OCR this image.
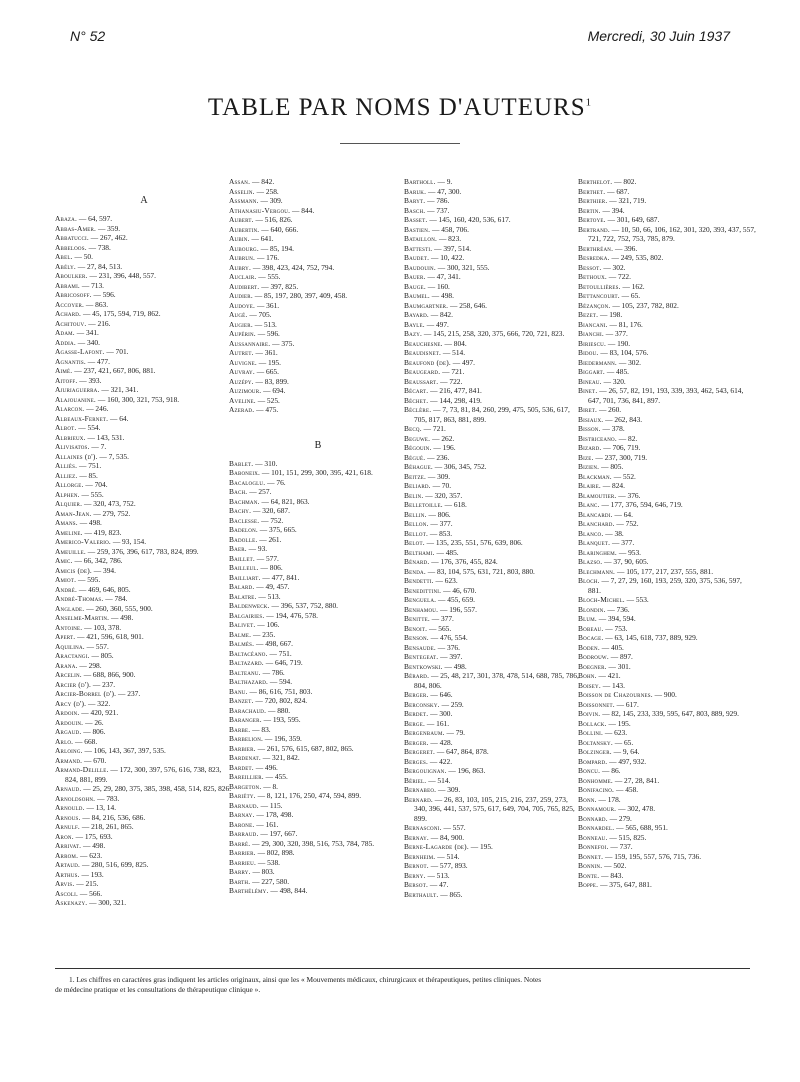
N° 52	Mercredi, 30 Juin 1937
TABLE PAR NOMS D'AUTEURS$^1$
A
Abaza. — 64, 597.
Abbas-Amer. — 359.
Abbatucci. — 267, 462.
Abbeloos. — 738.
Abel. — 50.
Abély. — 27, 84, 513.
Aboulker. — 231, 396, 448, 557.
Abrami. — 713.
Abricosoff. — 596.
Accoyer. — 863.
Achard. — 45, 175, 594, 719, 862.
Achitouv. — 216.
Adam. — 341.
Addia. — 340.
Agasse-Lafont. — 701.
Agnantis. — 477.
Aimé. — 237, 421, 667, 806, 881.
Aitoff. — 393.
Ajuriaguerra. — 321, 341.
Alajouanine. — 160, 300, 321, 753, 918.
Alarcon. — 246.
Albeaux-Fernet. — 64.
Albot. — 554.
Albrieux. — 143, 531.
Alivisatos. — 7.
Allaines (d'). — 7, 535.
Alliès. — 751.
Alliez. — 85.
Allorge. — 704.
Alphen. — 555.
Alquier. — 320, 473, 752.
Aman-Jean. — 279, 752.
Amans. — 498.
Ameline. — 419, 823.
Americo-Valerio. — 93, 154.
Ameuille. — 259, 376, 396, 617, 783, 824, 899.
Amic. — 66, 342, 786.
Amicis (de). — 394.
Amiot. — 595.
André. — 469, 646, 805.
André-Thomas. — 784.
Anglade. — 260, 360, 555, 900.
Anselme-Martin. — 498.
Antoine. — 103, 378.
Apert. — 421, 596, 618, 901.
Aquilina. — 557.
Aractangi. — 805.
Arana. — 298.
Arcelin. — 688, 866, 900.
Arcier (d'). — 237.
Arcier-Borrel (d'). — 237.
Arcy (d'). — 322.
Ardoin. — 420, 921.
Ardouin. — 26.
Argaud. — 806.
Arlo. — 668.
Arloing. — 106, 143, 367, 397, 535.
Armand. — 670.
Armand-Delille. — 172, 300, 397, 576, 616, 738, 823, 824, 881, 899.
Arnaud. — 25, 29, 280, 375, 385, 398, 458, 514, 825, 826.
Arnoldsohn. — 783.
Arnould. — 13, 14.
Arnous. — 84, 216, 536, 686.
Arnulf. — 218, 261, 865.
Aron. — 175, 693.
Arrivat. — 498.
Arrom. — 623.
Artaud. — 280, 516, 699, 825.
Arthus. — 193.
Arvis. — 215.
Ascoli. — 566.
Askenazy. — 300, 321.
Assan. — 842.
Asselin. — 258.
Assmann. — 309.
Athanasiu-Vergou. — 844.
Aubert. — 516, 826.
Aubertin. — 640, 666.
Aubin. — 641.
Aubourg. — 85, 194.
Aubrun. — 176.
Aubry. — 398, 423, 424, 752, 794.
Auclair. — 555.
Audibert. — 397, 825.
Audier. — 85, 197, 280, 397, 409, 458.
Audoye. — 361.
Augé. — 705.
Augier. — 513.
Aupérin. — 596.
Aussannaire. — 375.
Autret. — 361.
Auvigne. — 195.
Auvray. — 665.
Auzépy. — 83, 899.
Auzimour. — 694.
Aveline. — 525.
Azerad. — 475.
B
Bablet. — 310.
Baboneix. — 101, 151, 299, 300, 395, 421, 618.
Bacaloglu. — 76.
Bach. — 257.
Bachman. — 64, 821, 863.
Bachy. — 320, 687.
Baclesse. — 752.
Badelon. — 375, 665.
Badolle. — 261.
Baer. — 93.
Baillet. — 577.
Bailleul. — 806.
Bailliart. — 477, 841.
Balard. — 49, 457.
Balatre. — 513.
Baldenweck. — 396, 537, 752, 880.
Balgairies. — 194, 476, 578.
Balivet. — 106.
Balme. — 235.
Balmès. — 498, 667.
Baltacéano. — 751.
Baltazard. — 646, 719.
Balteanu. — 786.
Balthazard. — 594.
Banu. — 86, 616, 751, 803.
Banzet. — 720, 802, 824.
Barachaud. — 880.
Baranger. — 193, 595.
Barbe. — 83.
Barbelion. — 196, 359.
Barbier. — 261, 576, 615, 687, 802, 865.
Bardenat. — 321, 842.
Bardet. — 496.
Bareillier. — 455.
Bargeton. — 8.
Bariéty. — 8, 121, 176, 250, 474, 594, 899.
Barnaud. — 115.
Barnay. — 178, 498.
Barone. — 161.
Barraud. — 197, 667.
Barré. — 29, 300, 320, 398, 516, 753, 784, 785.
Barrier. — 802, 898.
Barrieu. — 538.
Barry. — 803.
Barth. — 227, 580.
Barthélémy. — 498, 844.
Bartholl. — 9.
Baruk. — 47, 300.
Baryt. — 786.
Basch. — 737.
Basset. — 145, 160, 420, 536, 617.
Bastien. — 458, 706.
Bataillon. — 823.
Battesti. — 397, 514.
Baudet. — 10, 422.
Baudouin. — 300, 321, 555.
Bauer. — 47, 341.
Bauge. — 160.
Baumel. — 498.
Baumgartner. — 258, 646.
Bayard. — 842.
Bayle. — 497.
Bazy. — 145, 215, 258, 320, 375, 666, 720, 721, 823.
Beauchesne. — 804.
Beaudisnet. — 514.
Beaufond (de). — 497.
Beaugeard. — 721.
Beaussart. — 722.
Bécart. — 216, 477, 841.
Béchet. — 144, 298, 419.
Béclère. — 7, 73, 81, 84, 260, 299, 475, 505, 536, 617, 705, 817, 863, 881, 899.
Becq. — 721.
Beguwe. — 262.
Bégouin. — 196.
Bégué. — 236.
Béhague. — 306, 345, 752.
Beitze. — 309.
Beliard. — 70.
Belin. — 320, 357.
Belletoille. — 618.
Bellin. — 806.
Bellon. — 377.
Bellot. — 853.
Belot. — 135, 235, 551, 576, 639, 806.
Belthami. — 485.
Bénard. — 176, 376, 455, 824.
Benda. — 83, 104, 575, 631, 721, 803, 880.
Bendetti. — 623.
Benedittini. — 46, 670.
Benguela. — 455, 659.
Benhamou. — 196, 557.
Benitte. — 377.
Benoit. — 565.
Benson. — 476, 554.
Bensaude. — 376.
Bentegeat. — 397.
Bentkowski. — 498.
Bérard. — 25, 48, 217, 301, 378, 478, 514, 688, 785, 786, 804, 806.
Berger. — 646.
Berconsky. — 259.
Berdet. — 300.
Berge. — 161.
Bergenbaum. — 79.
Berger. — 428.
Bergeret. — 647, 864, 878.
Berges. — 422.
Bergouignan. — 196, 863.
Bériel. — 514.
Bernabeo. — 309.
Bernard. — 26, 83, 103, 105, 215, 216, 237, 259, 273, 340, 396, 441, 537, 575, 617, 649, 704, 705, 765, 825, 899.
Bernasconi. — 557.
Bernay. — 84, 900.
Berne-Lagarde (de). — 195.
Bernheim. — 514.
Bernot. — 577, 893.
Berny. — 513.
Bersot. — 47.
Berthault. — 865.
Berthelot. — 802.
Berthet. — 687.
Berthier. — 321, 719.
Bertin. — 394.
Bertoye. — 301, 649, 687.
Bertrand. — 10, 50, 66, 106, 162, 301, 320, 393, 437, 557, 721, 722, 752, 753, 785, 879.
Berthréan. — 396.
Besredka. — 249, 535, 802.
Bessot. — 302.
Bethoux. — 722.
Betoullières. — 162.
Bettancourt. — 65.
Bézançon. — 105, 237, 782, 802.
Bezet. — 198.
Biancani. — 81, 176.
Bianchi. — 377.
Biriescu. — 190.
Bidou. — 83, 104, 576.
Biedermann. — 302.
Biggart. — 485.
Bineau. — 320.
Binet. — 26, 57, 82, 191, 193, 339, 393, 462, 543, 614, 647, 701, 736, 841, 897.
Biret. — 260.
Bisiaux. — 262, 843.
Bisson. — 378.
Bistriceano. — 82.
Bizard. — 706, 719.
Bize. — 237, 300, 719.
Bizien. — 805.
Blackman. — 552.
Blaire. — 824.
Blamoutier. — 376.
Blanc. — 177, 376, 594, 646, 719.
Blancardi. — 64.
Blanchard. — 752.
Blanco. — 38.
Blanquet. — 377.
Blaringhem. — 953.
Blazso. — 37, 90, 605.
Blechmann. — 105, 177, 217, 237, 555, 881.
Bloch. — 7, 27, 29, 160, 193, 259, 320, 375, 536, 597, 881.
Bloch-Michel. — 553.
Blondin. — 736.
Blum. — 394, 594.
Bobeau. — 753.
Bocage. — 63, 145, 618, 737, 889, 929.
Boden. — 405.
Bodrouw. — 897.
Boegner. — 301.
Bohn. — 421.
Boisey. — 143.
Boisson de Chazournes. — 900.
Boissonnet. — 617.
Boivin. — 82, 145, 233, 339, 595, 647, 803, 889, 929.
Bollack. — 195.
Bollini. — 623.
Boltansky. — 65.
Bolzinger. — 9, 64.
Bompard. — 497, 932.
Boncu. — 86.
Bonhomme. — 27, 28, 841.
Bonifacino. — 458.
Bonn. — 178.
Bonnamour. — 302, 478.
Bonnard. — 279.
Bonnardel. — 565, 688, 951.
Bonneau. — 515, 825.
Bonnefoi. — 737.
Bonnet. — 159, 195, 557, 576, 715, 736.
Bonnin. — 502.
Bonte. — 843.
Boppe. — 375, 647, 881.
1. Les chiffres en caractères gras indiquent les articles originaux, ainsi que les « Mouvements médicaux, chirurgicaux et thérapeutiques, petites cliniques. Notes
de médecine pratique et les consultations de thérapeutique clinique ».
